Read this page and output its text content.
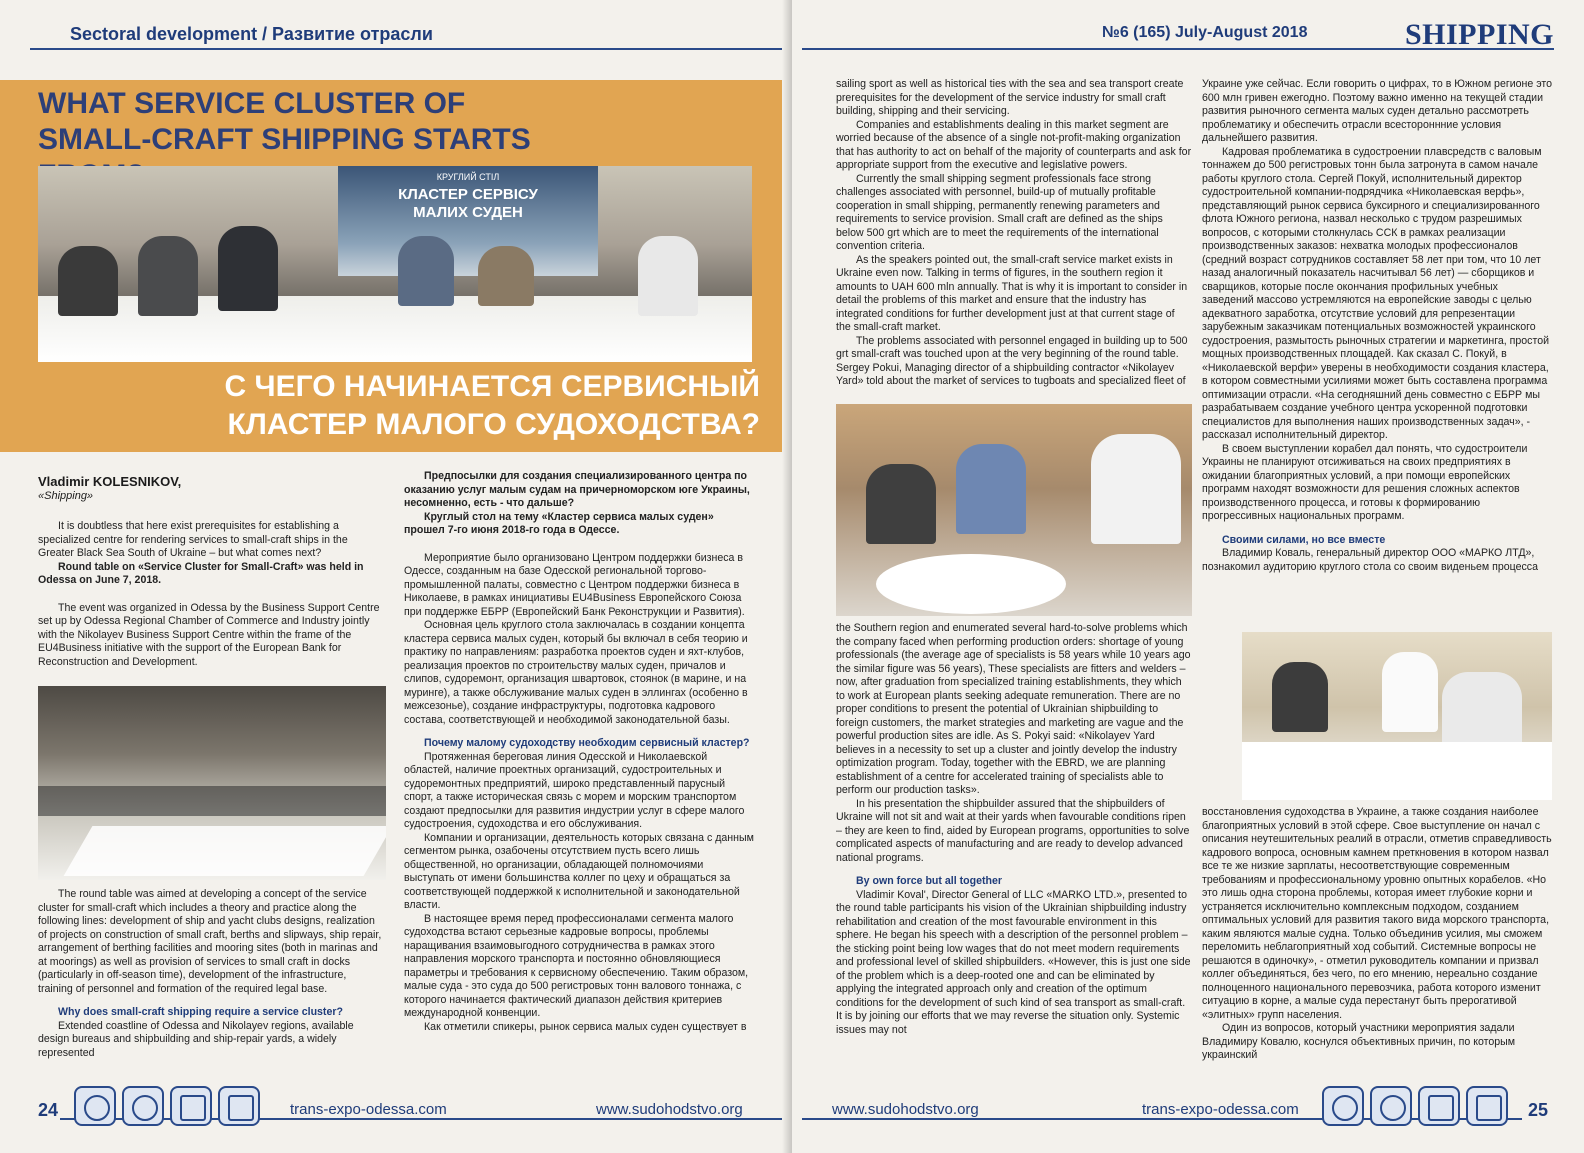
Sectoral development / Развитие отрасли
WHAT SERVICE CLUSTER OF SMALL-CRAFT SHIPPING STARTS
КРУГЛИЙ СТІЛ
КЛАСТЕР СЕРВІСУ
МАЛИХ СУДЕН
С ЧЕГО НАЧИНАЕТСЯ СЕРВИСНЫЙ КЛАСТЕР МАЛОГО СУДОХОДСТВА?
Vladimir KOLESNIKOV,
«Shipping»

It is doubtless that here exist prerequisites for establishing a specialized centre for rendering services to small-craft ships in the Greater Black Sea South of Ukraine – but what comes next?

Round table on «Service Cluster for Small-Craft» was held in Odessa on June 7, 2018.

The event was organized in Odessa by the Business Support Centre set up by Odessa Regional Chamber of Commerce and Industry jointly with the Nikolayev Business Support Centre within the frame of the EU4Business initiative with the support of the European Bank for Reconstruction and Development.

The round table was aimed at developing a concept of the service cluster for small-craft which includes a theory and practice along the following lines: development of ship and yacht clubs designs, realization of projects on construction of small craft, berths and slipways, ship repair, arrangement of berthing facilities and mooring sites (both in marinas and at moorings) as well as provision of services to small craft in docks (particularly in off-season time), development of the infrastructure, training of personnel and formation of the required legal base.

Why does small-craft shipping require a service cluster?

Extended coastline of Odessa and Nikolayev regions, available design bureaus and shipbuilding and ship-repair yards, a widely represented

Предпосылки для создания специализированного центра по оказанию услуг малым судам на причерноморском юге Украины, несомненно, есть - что дальше?

Круглый стол на тему «Кластер сервиса малых суден» прошел 7-го июня 2018-го года в Одессе.

Мероприятие было организовано Центром поддержки бизнеса в Одессе, созданным на базе Одесской региональной торгово-промышленной палаты, совместно с Центром поддержки бизнеса в Николаеве, в рамках инициативы EU4Business Европейского Союза при поддержке ЕБРР (Европейский Банк Реконструкции и Развития).

Основная цель круглого стола заключалась в создании концепта кластера сервиса малых суден, который бы включал в себя теорию и практику по направлениям: разработка проектов суден и яхт-клубов, реализация проектов по строительству малых суден, причалов и слипов, судоремонт, организация швартовок, стоянок (в марине, и на муринге), а также обслуживание малых суден в эллингах (особенно в межсезонье), создание инфраструктуры, подготовка кадрового состава, соответствующей и необходимой законодательной базы.

Почему малому судоходству необходим сервисный кластер?

Протяженная береговая линия Одесской и Николаевской областей, наличие проектных организаций, судостроительных и судоремонтных предприятий, широко представленный парусный спорт, а также историческая связь с морем и морским транспортом создают предпосылки для развития индустрии услуг в сфере малого судостроения, судоходства и его обслуживания.

Компании и организации, деятельность которых связана с данным сегментом рынка, озабочены отсутствием пусть всего лишь общественной, но организации, обладающей полномочиями выступать от имени большинства коллег по цеху и обращаться за соответствующей поддержкой к исполнительной и законодательной власти.

В настоящее время перед профессионалами сегмента малого судоходства встают серьезные кадровые вопросы, проблемы наращивания взаимовыгодного сотрудничества в рамках этого направления морского транспорта и постоянно обновляющиеся параметры и требования к сервисному обеспечению. Таким образом, малые суда - это суда до 500 регистровых тонн валового тоннажа, с которого начинается фактический диапазон действия критериев международной конвенции.

Как отметили спикеры, рынок сервиса малых суден существует в

24	trans-expo-odessa.com	www.sudohodstvo.org
№6 (165) July-August 2018	SHIPPING

sailing sport as well as historical ties with the sea and sea transport create prerequisites for the development of the service industry for small craft building, shipping and their servicing.

Companies and establishments dealing in this market segment are worried because of the absence of a single not-profit-making organization that has authority to act on behalf of the majority of counterparts and ask for appropriate support from the executive and legislative powers.

Currently the small shipping segment professionals face strong challenges associated with personnel, build-up of mutually profitable cooperation in small shipping, permanently renewing parameters and requirements to service provision. Small craft are defined as the ships below 500 grt which are to meet the requirements of the international convention criteria.

As the speakers pointed out, the small-craft service market exists in Ukraine even now. Talking in terms of figures, in the southern region it amounts to UAH 600 mln annually. That is why it is important to consider in detail the problems of this market and ensure that the industry has integrated conditions for further development just at that current stage of the small-craft market.

The problems associated with personnel engaged in building up to 500 grt small-craft was touched upon at the very beginning of the round table. Sergey Pokui, Managing director of a shipbuilding contractor «Nikolayev Yard» told about the market of services to tugboats and specialized fleet of

the Southern region and enumerated several hard-to-solve problems which the company faced when performing production orders: shortage of young professionals (the average age of specialists is 58 years while 10 years ago the similar figure was 56 years), These specialists are fitters and welders – now, after graduation from specialized training establishments, they which to work at European plants seeking adequate remuneration. There are no proper conditions to present the potential of Ukrainian shipbuilding to foreign customers, the market strategies and marketing are vague and the powerful production sites are idle. As S. Pokyi said: «Nikolayev Yard believes in a necessity to set up a cluster and jointly develop the industry optimization program. Today, together with the EBRD, we are planning establishment of a centre for accelerated training of specialists able to perform our production tasks».

In his presentation the shipbuilder assured that the shipbuilders of Ukraine will not sit and wait at their yards when favourable conditions ripen – they are keen to find, aided by European programs, opportunities to solve complicated aspects of manufacturing and are ready to develop advanced national programs.

By own force but all together

Vladimir Koval', Director General of LLC «MARKO LTD.», presented to the round table participants his vision of the Ukrainian shipbuilding industry rehabilitation and creation of the most favourable environment in this sphere. He began his speech with a description of the personnel problem – the sticking point being low wages that do not meet modern requirements and professional level of skilled shipbuilders. «However, this is just one side of the problem which is a deep-rooted one and can be eliminated by applying the integrated approach only and creation of the optimum conditions for the development of such kind of sea transport as small-craft. It is by joining our efforts that we may reverse the situation only. Systemic issues may not

Украине уже сейчас. Если говорить о цифрах, то в Южном регионе это 600 млн гривен ежегодно. Поэтому важно именно на текущей стадии развития рыночного сегмента малых суден детально рассмотреть проблематику и обеспечить отрасли всестороннние условия дальнейшего развития.

Кадровая проблематика в судостроении плавсредств с валовым тоннажем до 500 регистровых тонн была затронута в самом начале работы круглого стола. Сергей Покуй, исполнительный директор судостроительной компании-подрядчика «Николаевская верфь», представляющий рынок сервиса буксирного и специализированного флота Южного региона, назвал несколько с трудом разрешимых вопросов, с которыми столкнулась ССК в рамках реализации производственных заказов: нехватка молодых профессионалов (средний возраст сотрудников составляет 58 лет при том, что 10 лет назад аналогичный показатель насчитывал 56 лет) — сборщиков и сварщиков, которые после окончания профильных учебных заведений массово устремляются на европейские заводы с целью адекватного заработка, отсутствие условий для репрезентации зарубежным заказчикам потенциальных возможностей украинского судостроения, размытость рыночных стратегии и маркетинга, простой мощных производственных площадей. Как сказал С. Покуй, в «Николаевской верфи» уверены в необходимости создания кластера, в котором совместными усилиями может быть составлена программа оптимизации отрасли. «На сегодняшний день совместно с ЕБРР мы разрабатываем создание учебного центра ускоренной подготовки специалистов для выполнения наших производственных задач», - рассказал исполнительный директор.

В своем выступлении корабел дал понять, что судостроители Украины не планируют отсиживаться на своих предприятиях в ожидании благоприятных условий, а при помощи европейских программ находят возможности для решения сложных аспектов производственного процесса, и готовы к формированию прогрессивных национальных программ.

Своими силами, но все вместе

Владимир Коваль, генеральный директор ООО «МАРКО ЛТД», познакомил аудиторию круглого стола со своим виденьем процесса

восстановления судоходства в Украине, а также создания наиболее благоприятных условий в этой сфере. Свое выступление он начал с описания неутешительных реалий в отрасли, отметив справедливость кадрового вопроса, основным камнем преткновения в котором назвал все те же низкие зарплаты, несоответствующие современным требованиям и профессиональному уровню опытных корабелов. «Но это лишь одна сторона проблемы, которая имеет глубокие корни и устраняется исключительно комплексным подходом, созданием оптимальных условий для развития такого вида морского транспорта, каким являются малые судна. Только объединив усилия, мы сможем переломить неблагоприятный ход событий. Системные вопросы не решаются в одиночку», - отметил руководитель компании и призвал коллег объединяться, без чего, по его мнению, нереально создание полноценного национального перевозчика, работа которого изменит ситуацию в корне, а малые суда перестанут быть прерогативой «элитных» групп населения.

Один из вопросов, который участники мероприятия задали Владимиру Ковалю, коснулся объективных причин, по которым украинский

www.sudohodstvo.org	trans-expo-odessa.com	25
